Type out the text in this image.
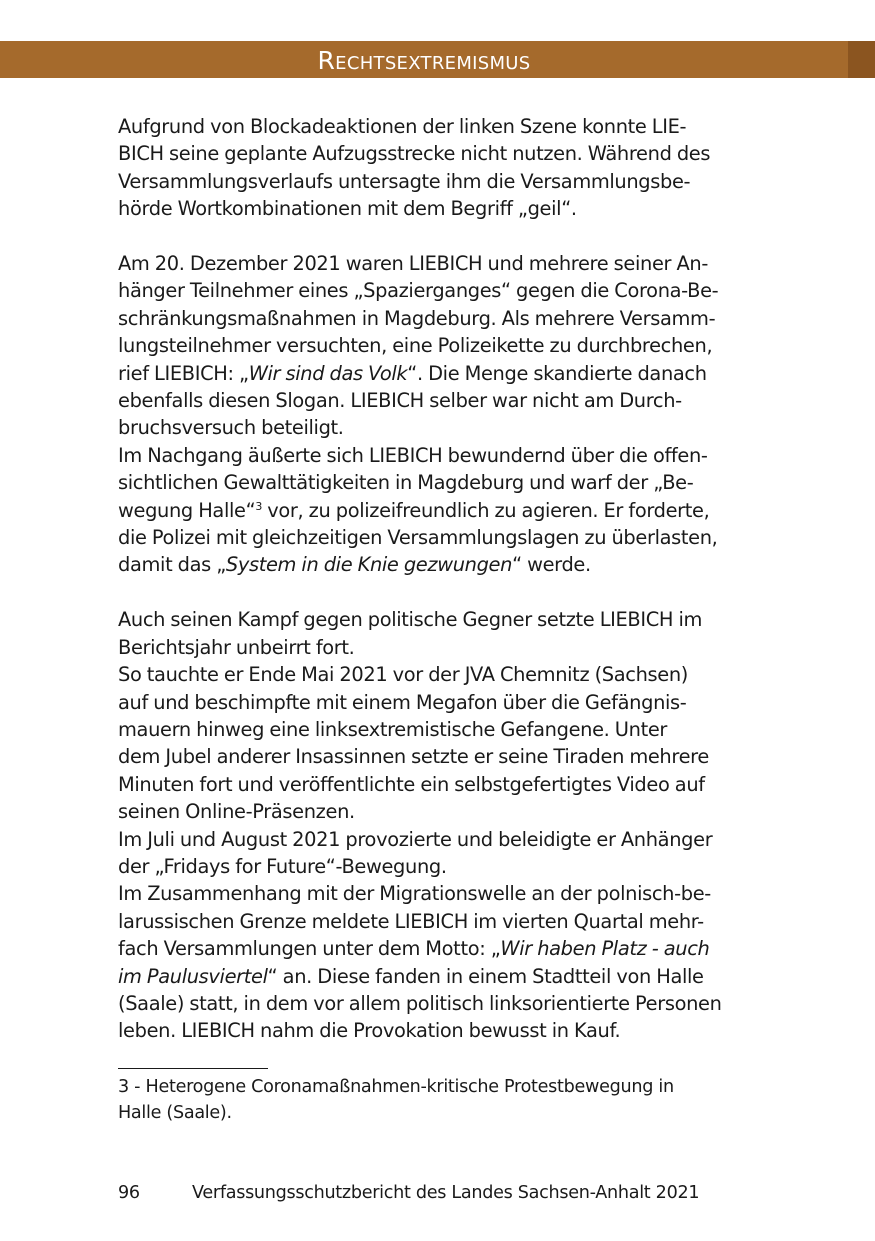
Rechtsextremismus
Aufgrund von Blockadeaktionen der linken Szene konnte LIE-
BICH seine geplante Aufzugsstrecke nicht nutzen. Während des
Versammlungsverlaufs untersagte ihm die Versammlungsbe-
hörde Wortkombinationen mit dem Begriff „geil“.
Am 20. Dezember 2021 waren LIEBICH und mehrere seiner An-
hänger Teilnehmer eines „Spazierganges“ gegen die Corona-Be-
schränkungsmaßnahmen in Magdeburg. Als mehrere Versamm-
lungsteilnehmer versuchten, eine Polizeikette zu durchbrechen,
rief LIEBICH: „Wir sind das Volk“. Die Menge skandierte danach
ebenfalls diesen Slogan. LIEBICH selber war nicht am Durch-
bruchsversuch beteiligt.
Im Nachgang äußerte sich LIEBICH bewundernd über die offen-
sichtlichen Gewalttätigkeiten in Magdeburg und warf der „Be-
wegung Halle“$^3$ vor, zu polizeifreundlich zu agieren. Er forderte,
die Polizei mit gleichzeitigen Versammlungslagen zu überlasten,
damit das „System in die Knie gezwungen“ werde.
Auch seinen Kampf gegen politische Gegner setzte LIEBICH im
Berichtsjahr unbeirrt fort.
So tauchte er Ende Mai 2021 vor der JVA Chemnitz (Sachsen)
auf und beschimpfte mit einem Megafon über die Gefängnis-
mauern hinweg eine linksextremistische Gefangene. Unter
dem Jubel anderer Insassinnen setzte er seine Tiraden mehrere
Minuten fort und veröffentlichte ein selbstgefertigtes Video auf
seinen Online-Präsenzen.
Im Juli und August 2021 provozierte und beleidigte er Anhänger
der „Fridays for Future“-Bewegung.
Im Zusammenhang mit der Migrationswelle an der polnisch-be-
larussischen Grenze meldete LIEBICH im vierten Quartal mehr-
fach Versammlungen unter dem Motto: „Wir haben Platz - auch
im Paulusviertel“ an. Diese fanden in einem Stadtteil von Halle
(Saale) statt, in dem vor allem politisch linksorientierte Personen
leben. LIEBICH nahm die Provokation bewusst in Kauf.
3 - Heterogene Coronamaßnahmen-kritische Protestbewegung in
Halle (Saale).
96	Verfassungsschutzbericht des Landes Sachsen-Anhalt 2021
